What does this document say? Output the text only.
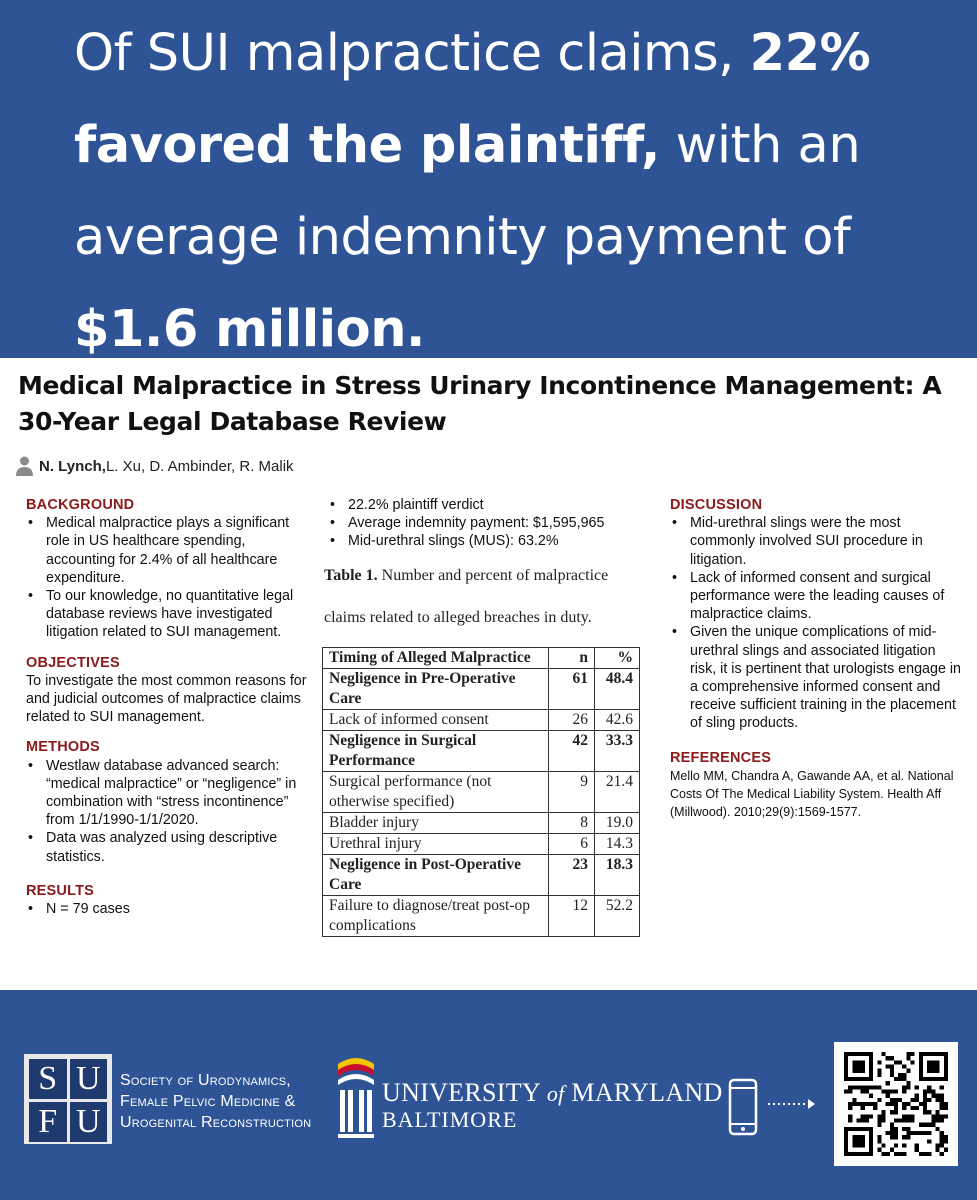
Of SUI malpractice claims, 22% favored the plaintiff, with an average indemnity payment of $1.6 million.
Medical Malpractice in Stress Urinary Incontinence Management: A 30-Year Legal Database Review
N. Lynch, L. Xu, D. Ambinder, R. Malik
BACKGROUND
• Medical malpractice plays a significant role in US healthcare spending, accounting for 2.4% of all healthcare expenditure.
• To our knowledge, no quantitative legal database reviews have investigated litigation related to SUI management.
OBJECTIVES
To investigate the most common reasons for and judicial outcomes of malpractice claims related to SUI management.
METHODS
• Westlaw database advanced search: “medical malpractice” or “negligence” in combination with “stress incontinence” from 1/1/1990-1/1/2020.
• Data was analyzed using descriptive statistics.
RESULTS
• N = 79 cases
• 22.2% plaintiff verdict
• Average indemnity payment: $1,595,965
• Mid-urethral slings (MUS): 63.2%
Table 1. Number and percent of malpractice claims related to alleged breaches in duty.
Timing of Alleged Malpractice	n	%
Negligence in Pre-Operative Care	61	48.4
Lack of informed consent	26	42.6
Negligence in Surgical Performance	42	33.3
Surgical performance (not otherwise specified)	9	21.4
Bladder injury	8	19.0
Urethral injury	6	14.3
Negligence in Post-Operative Care	23	18.3
Failure to diagnose/treat post-op complications	12	52.2
DISCUSSION
• Mid-urethral slings were the most commonly involved SUI procedure in litigation.
• Lack of informed consent and surgical performance were the leading causes of malpractice claims.
• Given the unique complications of mid-urethral slings and associated litigation risk, it is pertinent that urologists engage in a comprehensive informed consent and receive sufficient training in the placement of sling products.
REFERENCES
Mello MM, Chandra A, Gawande AA, et al. National Costs Of The Medical Liability System. Health Aff (Millwood). 2010;29(9):1569-1577.
S U
F U
Society of Urodynamics,
Female Pelvic Medicine &
Urogenital Reconstruction
UNIVERSITY of MARYLAND
BALTIMORE
